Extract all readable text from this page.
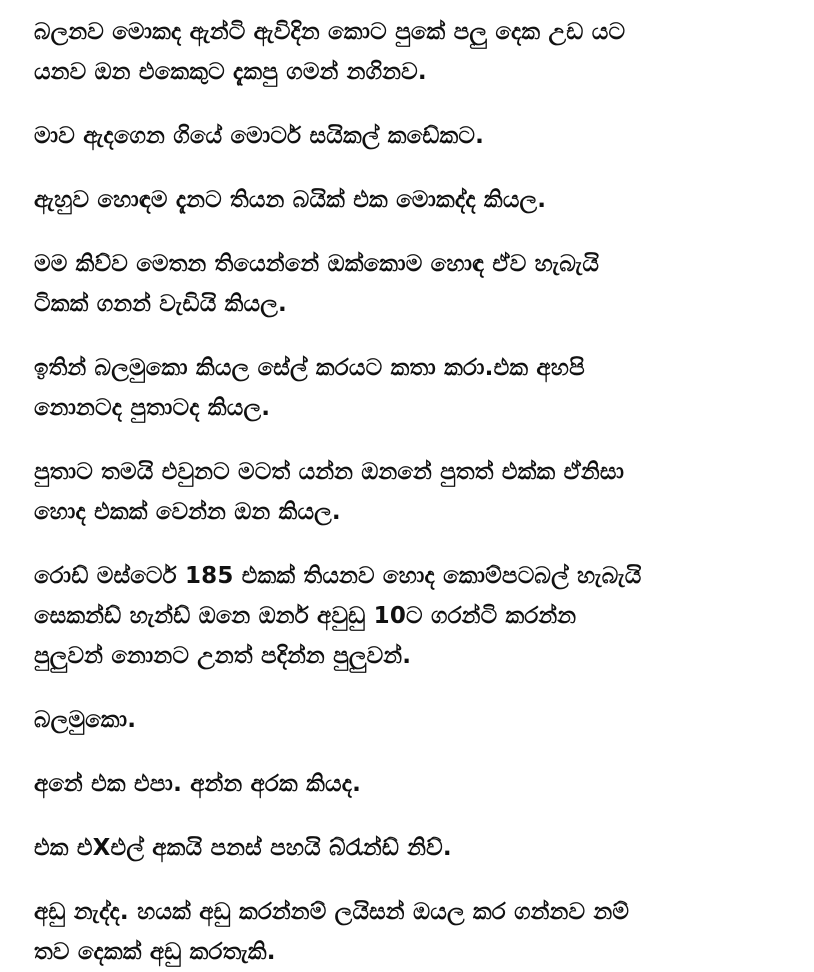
බලනව මොකද ඇන්ටි ඇවිදින කොට පුකේ පලු දෙක උඩ යට
යනව ඔන එකෙකුට දැකපු ගමන් නගිනව.

මාව ඇදගෙන ගියේ මොටර් සයිකල් කඩේකට.

ඇහුව හොඳම දැනට තියන බයික් එක මොකද්ද කියල.

මම කිව්ව මෙතන තියෙන්නේ ඔක්කොම හොඳ ඒව හැබැයි
ටිකක් ගනන් වැඩියි කියල.

ඉතින් බලමුකො කියල සේල් කරයට කතා කරා.එක අහපි
නොනටද පුතාටද කියල.

පුතාට තමයි එවුනට මටත් යන්න ඔනනේ පුතත් එක්ක ඒනිසා
හොද එකක් වෙන්න ඔන කියල.

රොඩ් මස්ටෙර් 185 එකක් තියනව හොද කොම්පටබල් හැබැයි
සෙකන්ඩ් හැන්ඩ් ඔනෙ ඔනර් අවුඩු 10ට ගරන්ටි කරන්න
පුලුවන් නොනට උනත් පදින්න පුලුවන්.

බලමුකො.

අනේ එක එපා. අන්න අරක කියද.

එක එXඑල් අකයි පනස් පහයි බ්රැන්ඩ් නිව්.

අඩු නැද්ද. හයක් අඩු කරන්නම් ලයිසන් ඔයල කර ගන්නව නම්
තව දෙකක් අඩු කරතැකි.
